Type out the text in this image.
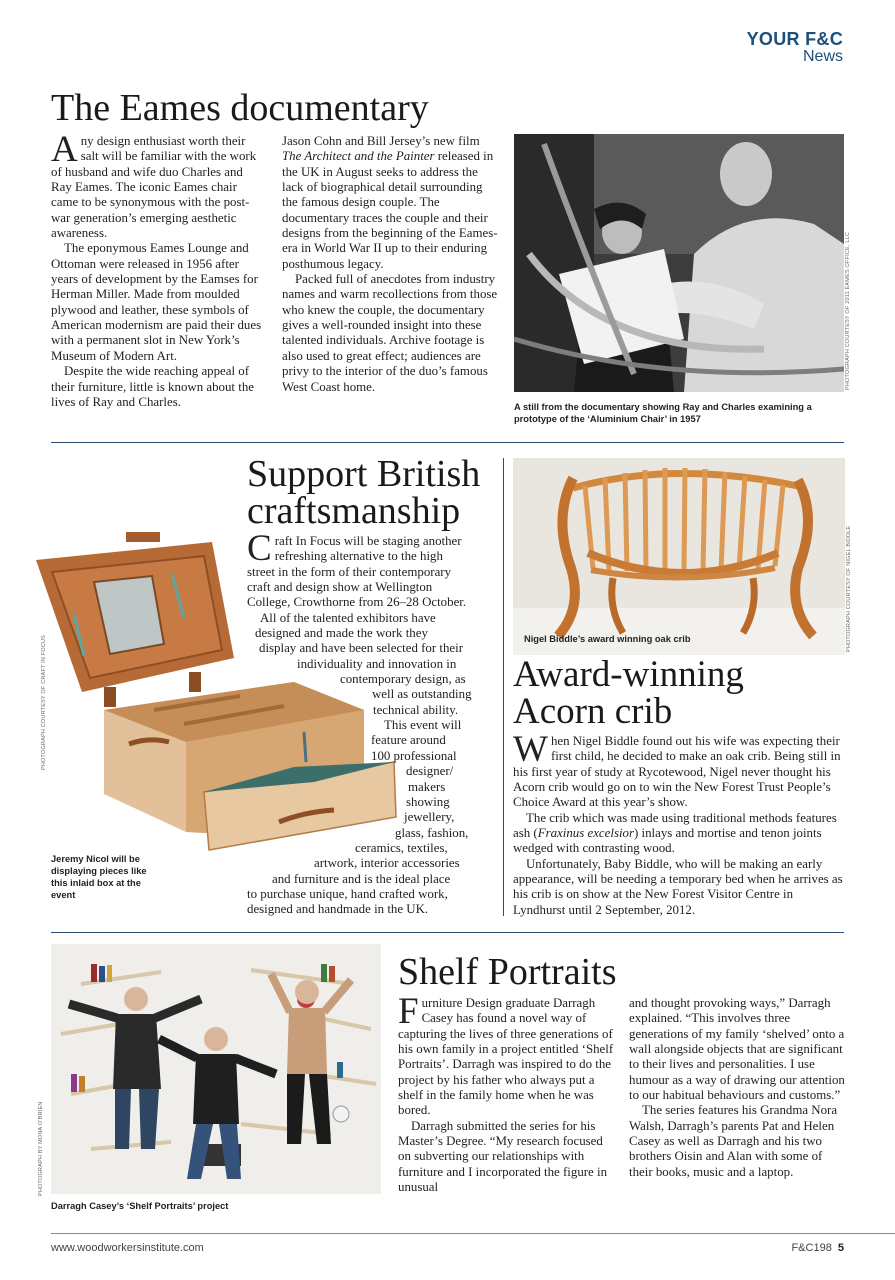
YOUR F&C
News
The Eames documentary

Any design enthusiast worth their salt will be familiar with the work of husband and wife duo Charles and Ray Eames. The iconic Eames chair came to be synonymous with the post-war generation’s emerging aesthetic awareness.

The eponymous Eames Lounge and Ottoman were released in 1956 after years of development by the Eamses for Herman Miller. Made from moulded plywood and leather, these symbols of American modernism are paid their dues with a permanent slot in New York’s Museum of Modern Art.

Despite the wide reaching appeal of their furniture, little is known about the lives of Ray and Charles.

Jason Cohn and Bill Jersey’s new film The Architect and the Painter released in the UK in August seeks to address the lack of biographical detail surrounding the famous design couple. The documentary traces the couple and their designs from the beginning of the Eames-era in World War II up to their enduring posthumous legacy.

Packed full of anecdotes from industry names and warm recollections from those who knew the couple, the documentary gives a well-rounded insight into these talented individuals. Archive footage is also used to great effect; audiences are privy to the interior of the duo’s famous West Coast home.	PHOTOGRAPH COURTESY OF 2011 EAMES OFFICE, LLC
A still from the documentary showing Ray and Charles examining a prototype of the ‘Aluminium Chair’ in 1957
Support British
craftsmanship
PHOTOGRAPH COURTESY OF CRAFT IN FOCUS
Jeremy Nicol will be displaying pieces like this inlaid box at the event
Craft In Focus will be staging another
refreshing alternative to the high
street in the form of their contemporary
craft and design show at Wellington
College, Crowthorne from 26–28 October.
All of the talented exhibitors have
designed and made the work they
display and have been selected for their
individuality and innovation in
contemporary design, as
well as outstanding
technical ability.
This event will
feature around
100 professional
designer/
makers
showing
jewellery,
glass, fashion,
ceramics, textiles,
artwork, interior accessories
and furniture and is the ideal place
to purchase unique, hand crafted work,
designed and handmade in the UK.
Nigel Biddle’s award winning oak crib	PHOTOGRAPH COURTESY OF NIGEL BIDDLE
Award-winning
Acorn crib

When Nigel Biddle found out his wife was expecting their first child, he decided to make an oak crib. Being still in his first year of study at Rycotewood, Nigel never thought his Acorn crib would go on to win the New Forest Trust People’s Choice Award at this year’s show.

The crib which was made using traditional methods features ash (Fraxinus excelsior) inlays and mortise and tenon joints wedged with contrasting wood.

Unfortunately, Baby Biddle, who will be making an early appearance, will be needing a temporary bed when he arrives as his crib is on show at the New Forest Visitor Centre in Lyndhurst until 2 September, 2012.

PHOTOGRAPH BY MONA O’BRIEN
Darragh Casey’s ‘Shelf Portraits’ project
Shelf Portraits

Furniture Design graduate Darragh Casey has found a novel way of capturing the lives of three generations of his own family in a project entitled ‘Shelf Portraits’. Darragh was inspired to do the project by his father who always put a shelf in the family home when he was bored.

Darragh submitted the series for his Master’s Degree. “My research focused on subverting our relationships with furniture and I incorporated the figure in unusual

and thought provoking ways,” Darragh explained. “This involves three generations of my family ‘shelved’ onto a wall alongside objects that are significant to their lives and personalities. I use humour as a way of drawing our attention to our habitual behaviours and customs.”

The series features his Grandma Nora Walsh, Darragh’s parents Pat and Helen Casey as well as Darragh and his two brothers Oisin and Alan with some of their books, music and a laptop.

www.woodworkersinstitute.com	F&C198 5
